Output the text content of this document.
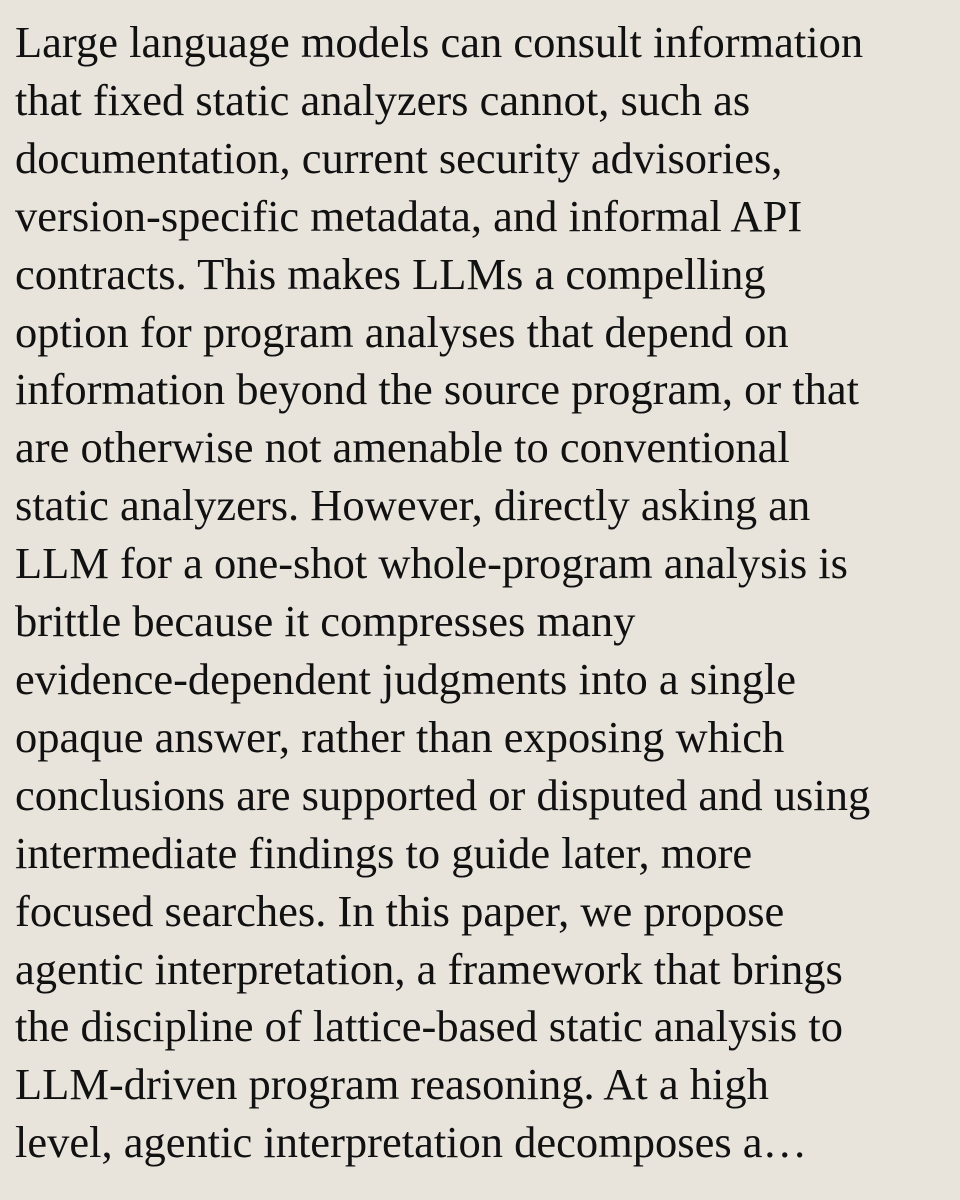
Large language models can consult information
that fixed static analyzers cannot, such as
documentation, current security advisories,
version-specific metadata, and informal API
contracts. This makes LLMs a compelling
option for program analyses that depend on
information beyond the source program, or that
are otherwise not amenable to conventional
static analyzers. However, directly asking an
LLM for a one-shot whole-program analysis is
brittle because it compresses many
evidence-dependent judgments into a single
opaque answer, rather than exposing which
conclusions are supported or disputed and using
intermediate findings to guide later, more
focused searches. In this paper, we propose
agentic interpretation, a framework that brings
the discipline of lattice-based static analysis to
LLM-driven program reasoning. At a high
level, agentic interpretation decomposes a…
